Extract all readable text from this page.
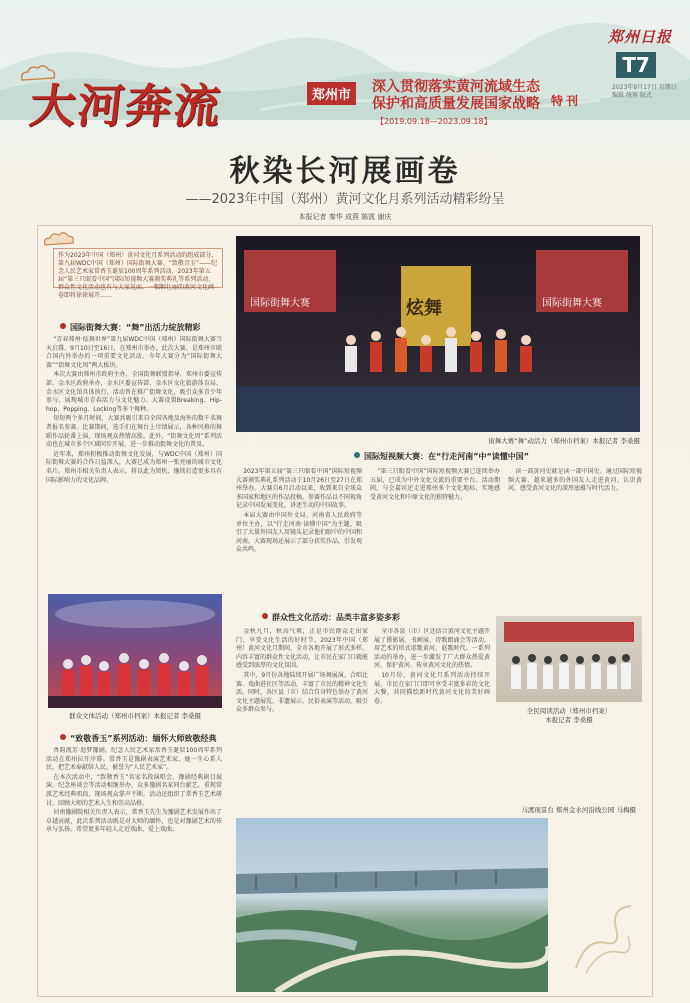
郑州日报
T7
2023年9月17日 星期日 编辑 统筹 版式
大河奔流	郑州市
深入贯彻落实黄河流域生态
保护和高质量发展国家战略 特刊
【2019.09.18—2023.09.18】
秋染长河展画卷
——2023年中国（郑州）黄河文化月系列活动精彩纷呈
本报记者 秦华 成燕 陈凯 谢庆
作为2023年中国（郑州）黄河文化月系列活动的组成部分，第九届WDC中国（郑州）国际街舞大赛、“致敬音玉”——纪念人民艺术家常香玉诞辰100周年系列活动、2023年第五届“第三只眼看中国”国际短视频大赛颁奖典礼等系列活动，群众性文化活动也有与大家见面，一幅幅壮丽的黄河文化画卷即将徐徐展开……
国际街舞大赛：“舞”出活力绽放精彩

“青春郑州·炫舞世界”第九届WDC中国（郑州）国际街舞大赛当天启幕，9月10日至16日，在郑州市举办。此次大赛，是郑州市联合国内外举办的一项重要文化活动。今年大赛分为“国际街舞大赛”“街舞文化周”两大板块。

本次大赛由郑州市政府主办，全国街舞联盟指导，郑州市委宣传部、金水区政府承办，金水区委宣传部、金水区文化旅游体育局、金水区文化馆具体执行，活动旨在推广街舞文化，吸引众多青少年参与，展现城市青春活力与文化魅力。大赛设置Breaking、Hip-hop、Popping、Locking等多个舞种。

短短两个多月时间，大赛共吸引来自全国各地及海外的数千名舞者报名参赛。比赛期间，选手们在舞台上尽情展示，各种风格的舞蹈作品轮番上演，现场观众热情高涨。此外，“街舞文化周”系列活动也在城市多个区域同步开展，进一步推动街舞文化的普及。

近年来，郑州积极推动街舞文化发展，与WDC中国（郑州）国际街舞大赛的合作日益深入，大赛已成为郑州一张亮丽的城市文化名片。郑州市相关负责人表示，将以此为契机，继续打造更多具有国际影响力的文化品牌。

群众文体活动（郑州市档案）本报记者 李桑摄
“致敬香玉”系列活动：缅怀大师致敬经典

香韵流芳·追梦豫剧。纪念人民艺术家常香玉诞辰100周年系列活动在郑州拉开序幕。常香玉是豫剧表演艺术家，她一生心系人民，把艺术奉献给人民，被誉为“人民艺术家”。

在本次活动中，“致敬香玉”名家名段演唱会、豫剧经典剧目展演、纪念座谈会等活动相继举办，众多豫剧名家同台献艺，重现常派艺术经典唱段，现场观众掌声不断。活动还组织了常香玉艺术研讨，回顾大师的艺术人生和崇高品格。

河南豫剧院相关负责人表示，常香玉先生为豫剧艺术发展作出了卓越贡献，此次系列活动既是对大师的缅怀，也是对豫剧艺术的传承与弘扬，希望更多年轻人走近戏曲、爱上戏曲。

国际街舞大赛	国际街舞大赛
炫舞
街舞大赛“舞”动活力（郑州市档案）本报记者 李桑摄
国际短视频大赛：在“行走河南”中“读懂中国”

2023年第五届“第三只眼看中国”国际短视频大赛颁奖典礼系列活动于10月26日至27日在郑州举办。大赛自6月启动以来，收到来自全球众多国家和地区的作品投稿，参赛作品以不同视角记录中国发展变化，讲述生动的中国故事。

本届大赛由中国外文局、河南省人民政府等单位主办，以“行走河南·读懂中国”为主题，吸引了大量外国友人用镜头记录他们眼中的中国和河南。大赛现场还展示了部分获奖作品，引发观众共鸣。

“第三只眼看中国”国际短视频大赛已连续举办五届，已成为中外文化交流的重要平台。活动期间，与会嘉宾还走进郑州多个文化地标，实地感受黄河文化和中原文化的独特魅力。

读一部黄河史就是读一部中国史。通过国际短视频大赛，越来越多的外国友人走进黄河、认识黄河，感受黄河文化的深厚底蕴与时代活力。

群众性文化活动：品类丰富多姿多彩

金秋九月，秋高气爽，正是市民群众走出家门、享受文化生活的好时节。2023年中国（郑州）黄河文化月期间，全市各地开展了形式多样、内容丰富的群众性文化活动，让市民在家门口就能感受到浓厚的文化氛围。

其中，9月份各地陆续开展广场舞展演、合唱比赛、戏曲进社区等活动，丰富了市民的精神文化生活。同时，各区县（市）结合自身特色举办了黄河文化主题展览、非遗展示、民俗表演等活动，吸引众多群众参与。

全市各县（市）区还结合黄河文化主题开展了摄影展、书画展、诗歌朗诵会等活动，用艺术的形式讴歌黄河、讴歌时代。一系列活动的举办，进一步激发了广大群众热爱黄河、保护黄河、传承黄河文化的热情。

10月份，黄河文化月系列活动持续开展，市民在家门口即可享受丰富多彩的文化大餐，共同描绘新时代黄河文化的美好画卷。

全民阅读活动（郑州市档案）
本报记者 李桑摄
马渡现景台 郑州金水河沿线公园 马梅摄
